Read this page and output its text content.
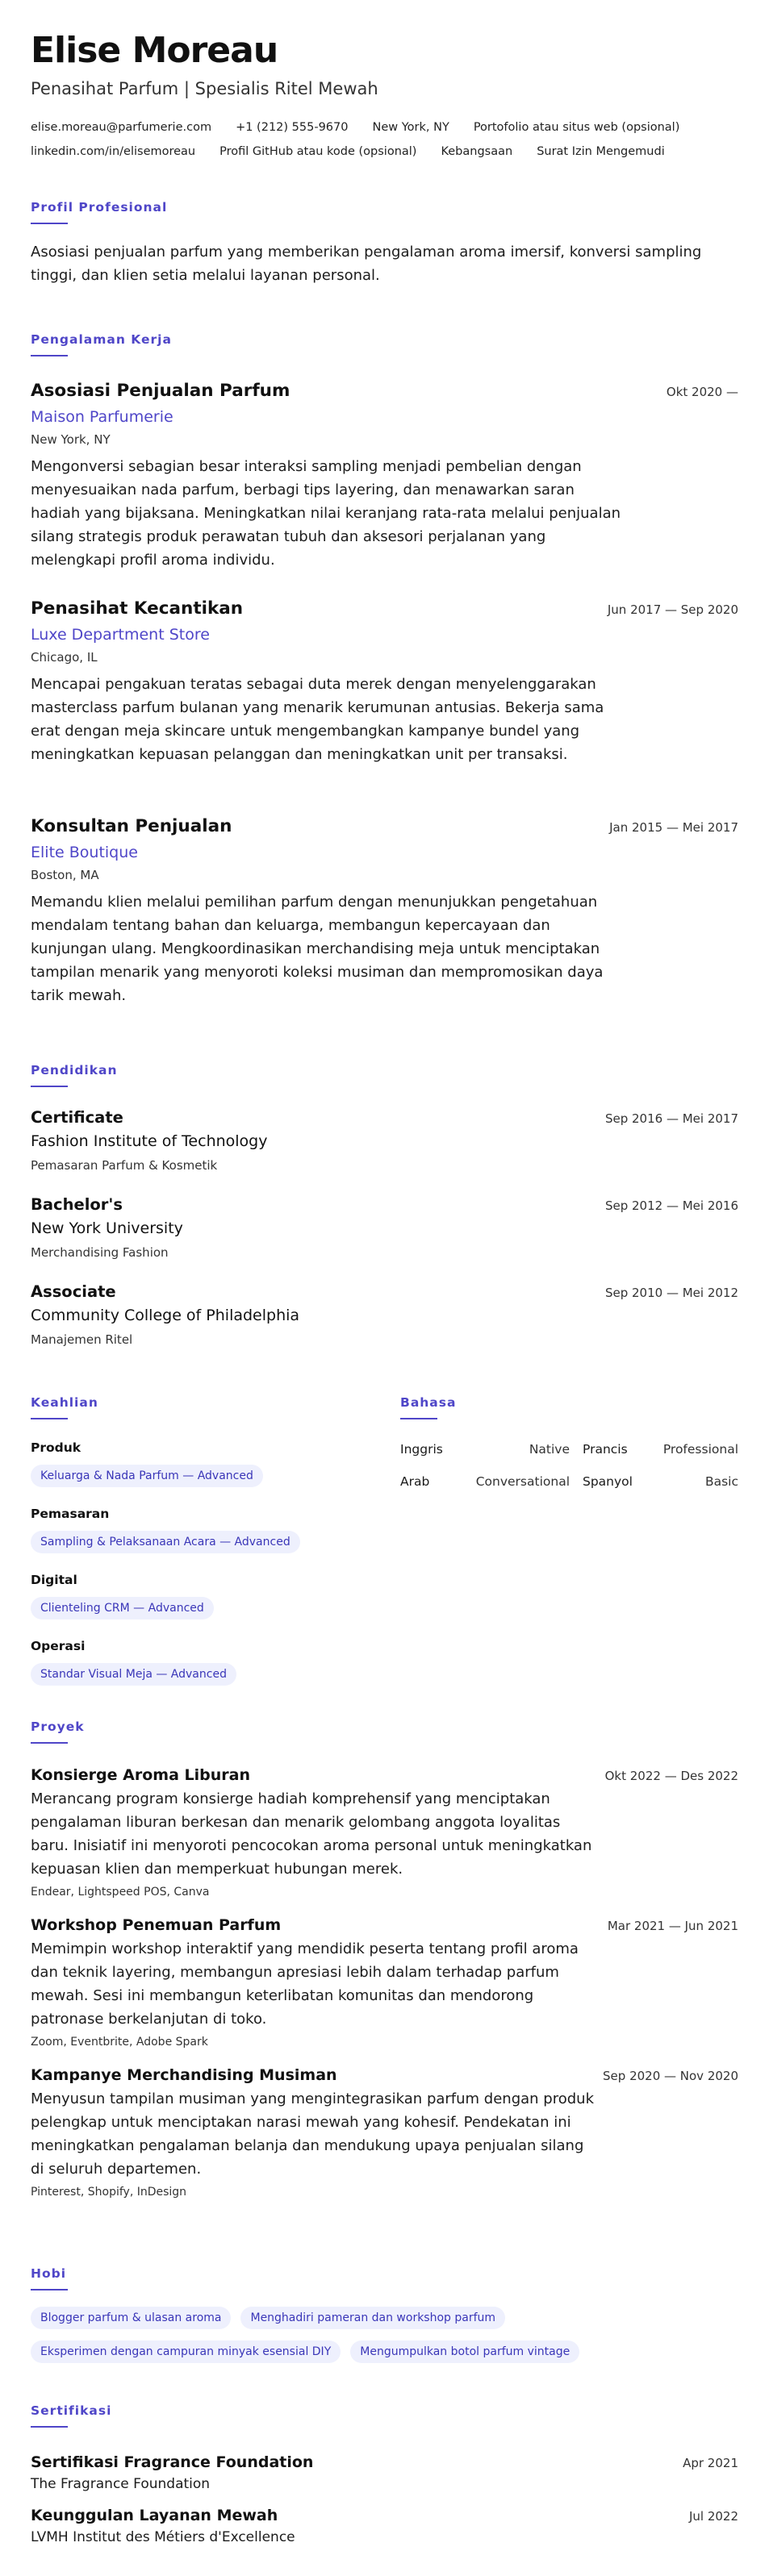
Elise Moreau
Penasihat Parfum | Spesialis Ritel Mewah
elise.moreau@parfumerie.com +1 (212) 555-9670 New York, NY Portofolio atau situs web (opsional)
linkedin.com/in/elisemoreau Profil GitHub atau kode (opsional) Kebangsaan Surat Izin Mengemudi
Profil Profesional
Asosiasi penjualan parfum yang memberikan pengalaman aroma imersif, konversi sampling tinggi, dan klien setia melalui layanan personal.
Pengalaman Kerja
Asosiasi Penjualan Parfum	Okt 2020 —
Maison Parfumerie
New York, NY
Mengonversi sebagian besar interaksi sampling menjadi pembelian dengan menyesuaikan nada parfum, berbagi tips layering, dan menawarkan saran hadiah yang bijaksana. Meningkatkan nilai keranjang rata-rata melalui penjualan silang strategis produk perawatan tubuh dan aksesori perjalanan yang melengkapi profil aroma individu.
Penasihat Kecantikan	Jun 2017 — Sep 2020
Luxe Department Store
Chicago, IL
Mencapai pengakuan teratas sebagai duta merek dengan menyelenggarakan masterclass parfum bulanan yang menarik kerumunan antusias. Bekerja sama erat dengan meja skincare untuk mengembangkan kampanye bundel yang meningkatkan kepuasan pelanggan dan meningkatkan unit per transaksi.
Konsultan Penjualan	Jan 2015 — Mei 2017
Elite Boutique
Boston, MA
Memandu klien melalui pemilihan parfum dengan menunjukkan pengetahuan mendalam tentang bahan dan keluarga, membangun kepercayaan dan kunjungan ulang. Mengkoordinasikan merchandising meja untuk menciptakan tampilan menarik yang menyoroti koleksi musiman dan mempromosikan daya tarik mewah.
Pendidikan
Certificate	Sep 2016 — Mei 2017
Fashion Institute of Technology
Pemasaran Parfum & Kosmetik
Bachelor's	Sep 2012 — Mei 2016
New York University
Merchandising Fashion
Associate	Sep 2010 — Mei 2012
Community College of Philadelphia
Manajemen Ritel
Keahlian
Produk
Keluarga & Nada Parfum — Advanced
Pemasaran
Sampling & Pelaksanaan Acara — Advanced
Digital
Clienteling CRM — Advanced
Operasi
Standar Visual Meja — Advanced
Bahasa
Inggris	Native	Prancis	Professional
Arab	Conversational	Spanyol	Basic
Proyek
Konsierge Aroma Liburan	Okt 2022 — Des 2022
Merancang program konsierge hadiah komprehensif yang menciptakan pengalaman liburan berkesan dan menarik gelombang anggota loyalitas baru. Inisiatif ini menyoroti pencocokan aroma personal untuk meningkatkan kepuasan klien dan memperkuat hubungan merek.
Endear, Lightspeed POS, Canva
Workshop Penemuan Parfum	Mar 2021 — Jun 2021
Memimpin workshop interaktif yang mendidik peserta tentang profil aroma dan teknik layering, membangun apresiasi lebih dalam terhadap parfum mewah. Sesi ini membangun keterlibatan komunitas dan mendorong patronase berkelanjutan di toko.
Zoom, Eventbrite, Adobe Spark
Kampanye Merchandising Musiman	Sep 2020 — Nov 2020
Menyusun tampilan musiman yang mengintegrasikan parfum dengan produk pelengkap untuk menciptakan narasi mewah yang kohesif. Pendekatan ini meningkatkan pengalaman belanja dan mendukung upaya penjualan silang di seluruh departemen.
Pinterest, Shopify, InDesign
Hobi
Blogger parfum & ulasan aroma	Menghadiri pameran dan workshop parfum
Eksperimen dengan campuran minyak esensial DIY	Mengumpulkan botol parfum vintage
Sertifikasi
Sertifikasi Fragrance Foundation	Apr 2021
The Fragrance Foundation
Keunggulan Layanan Mewah	Jul 2022
LVMH Institut des Métiers d'Excellence
